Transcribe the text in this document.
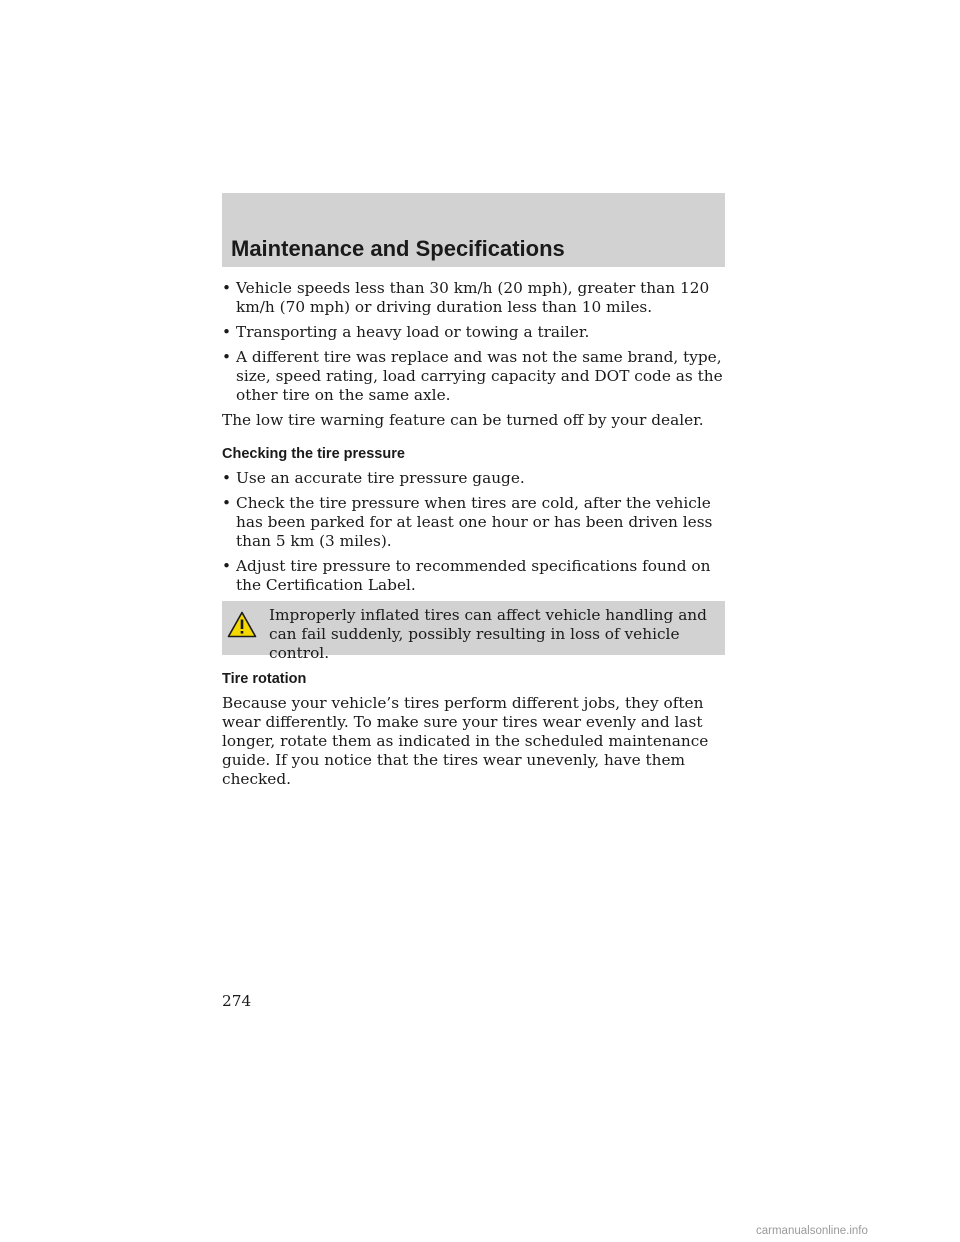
Maintenance and Specifications
• Vehicle speeds less than 30 km/h (20 mph), greater than 120 km/h (70 mph) or driving duration less than 10 miles.
• Transporting a heavy load or towing a trailer.
• A different tire was replace and was not the same brand, type, size, speed rating, load carrying capacity and DOT code as the other tire on the same axle.

The low tire warning feature can be turned off by your dealer.

Checking the tire pressure
• Use an accurate tire pressure gauge.
• Check the tire pressure when tires are cold, after the vehicle has been parked for at least one hour or has been driven less than 5 km (3 miles).
• Adjust tire pressure to recommended specifications found on the Certification Label.

Improperly inflated tires can affect vehicle handling and can fail suddenly, possibly resulting in loss of vehicle control.

Tire rotation

Because your vehicle’s tires perform different jobs, they often wear differently. To make sure your tires wear evenly and last longer, rotate them as indicated in the scheduled maintenance guide. If you notice that the tires wear unevenly, have them checked.

274
carmanualsonline.info
